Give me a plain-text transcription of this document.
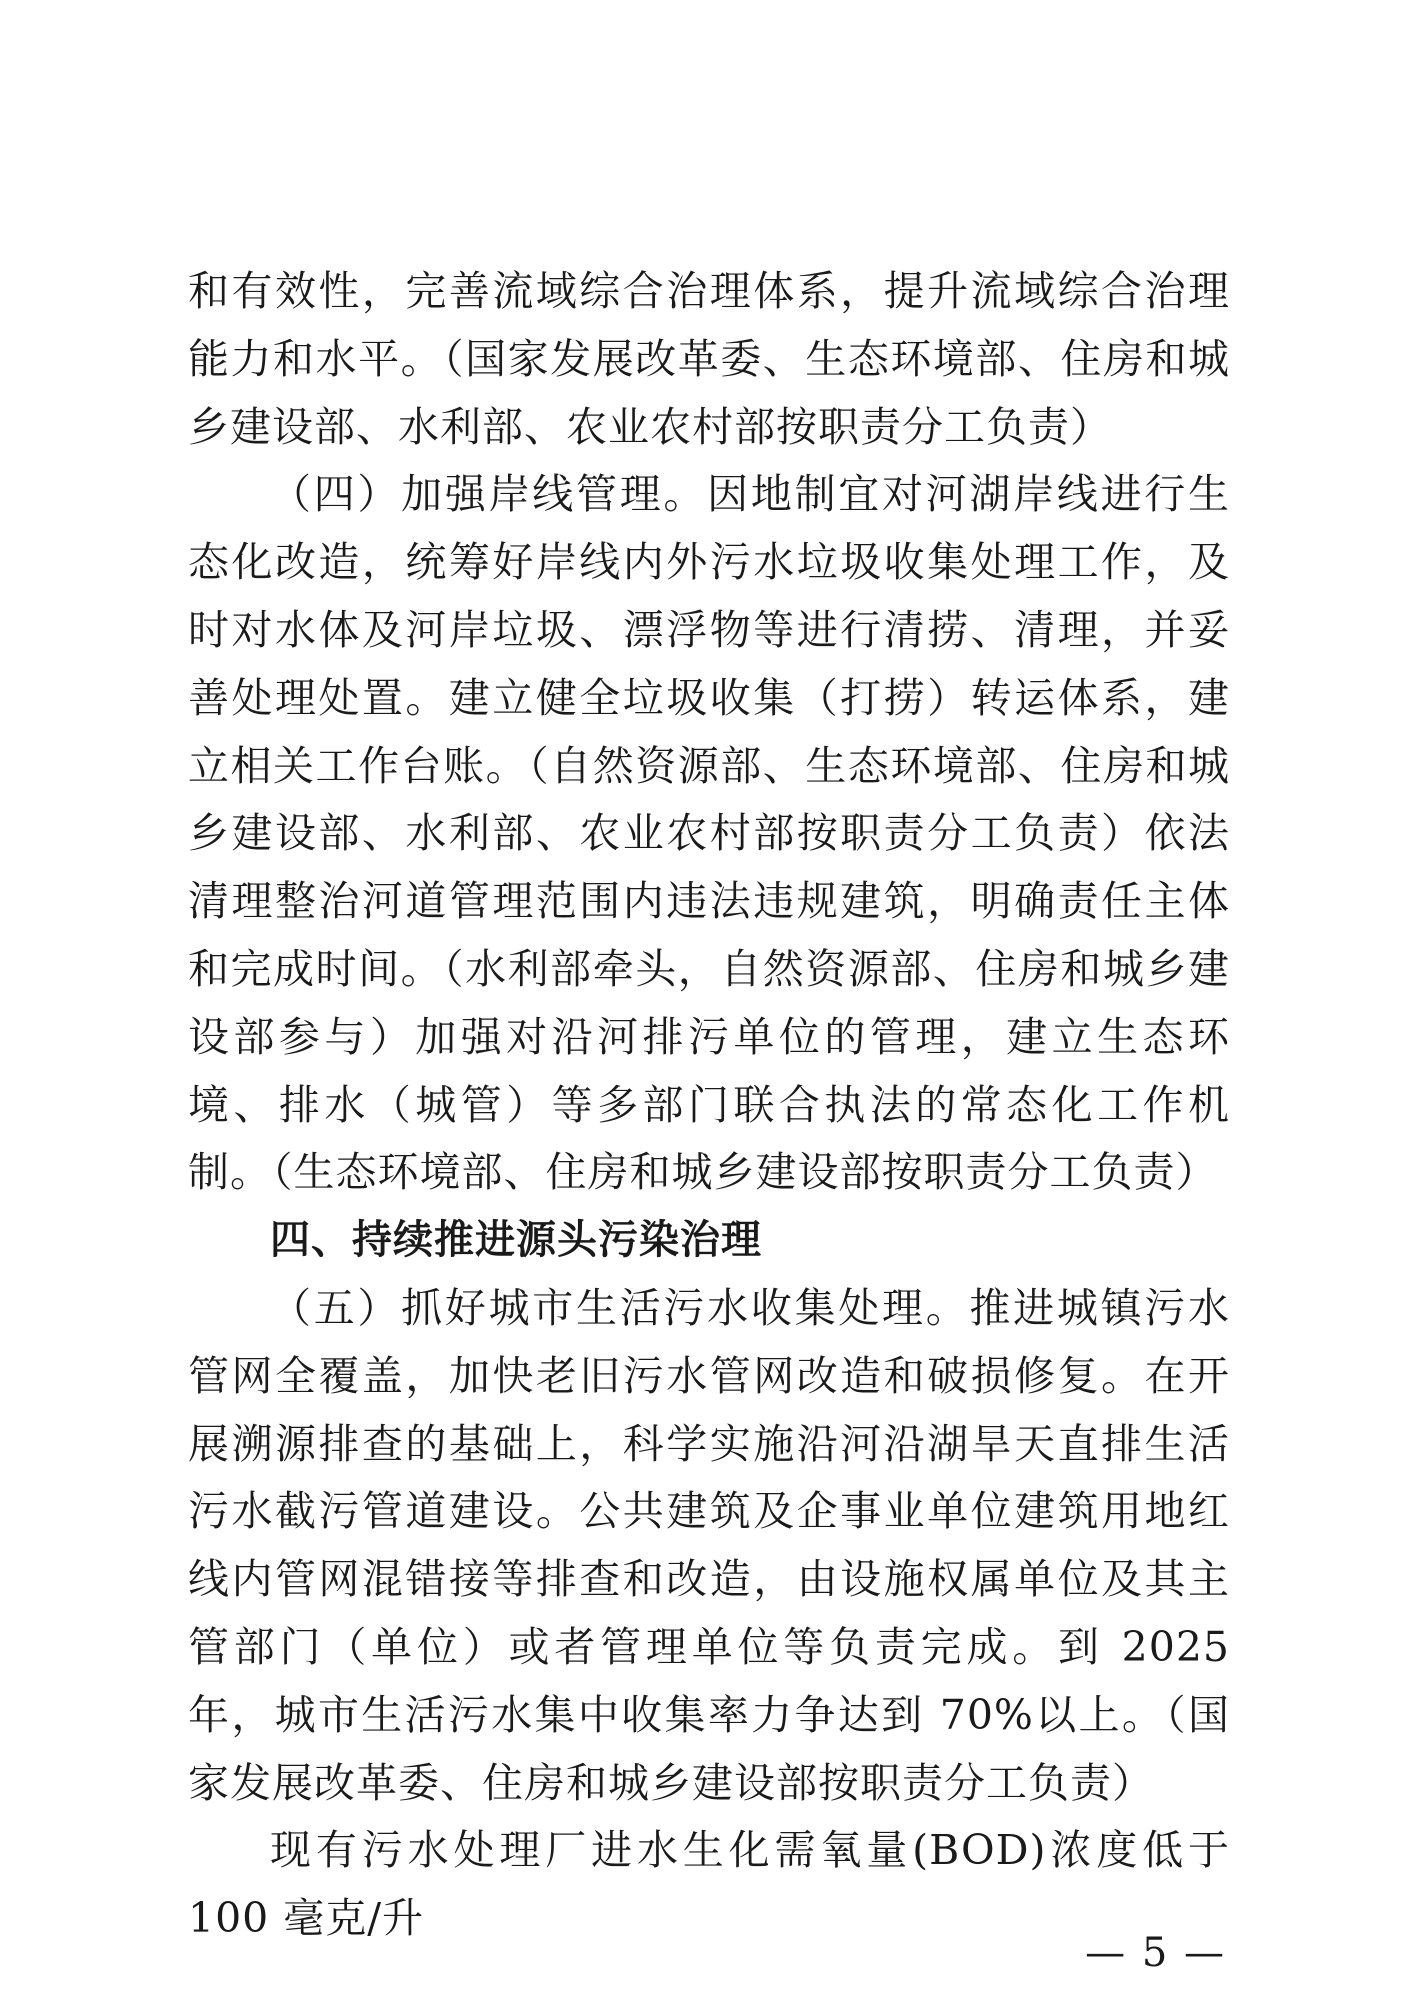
和有效性，完善流域综合治理体系，提升流域综合治理能力和水平。（国家发展改革委、生态环境部、住房和城乡建设部、水利部、农业农村部按职责分工负责）

（四）加强岸线管理。因地制宜对河湖岸线进行生态化改造，统筹好岸线内外污水垃圾收集处理工作，及时对水体及河岸垃圾、漂浮物等进行清捞、清理，并妥善处理处置。建立健全垃圾收集（打捞）转运体系，建立相关工作台账。（自然资源部、生态环境部、住房和城乡建设部、水利部、农业农村部按职责分工负责）依法清理整治河道管理范围内违法违规建筑，明确责任主体和完成时间。（水利部牵头，自然资源部、住房和城乡建设部参与）加强对沿河排污单位的管理，建立生态环境、排水（城管）等多部门联合执法的常态化工作机制。（生态环境部、住房和城乡建设部按职责分工负责）

四、持续推进源头污染治理

（五）抓好城市生活污水收集处理。推进城镇污水管网全覆盖，加快老旧污水管网改造和破损修复。在开展溯源排查的基础上，科学实施沿河沿湖旱天直排生活污水截污管道建设。公共建筑及企事业单位建筑用地红线内管网混错接等排查和改造，由设施权属单位及其主管部门（单位）或者管理单位等负责完成。到 2025 年，城市生活污水集中收集率力争达到 70%以上。（国家发展改革委、住房和城乡建设部按职责分工负责）

现有污水处理厂进水生化需氧量(BOD)浓度低于 100 毫克/升

— 5 —
